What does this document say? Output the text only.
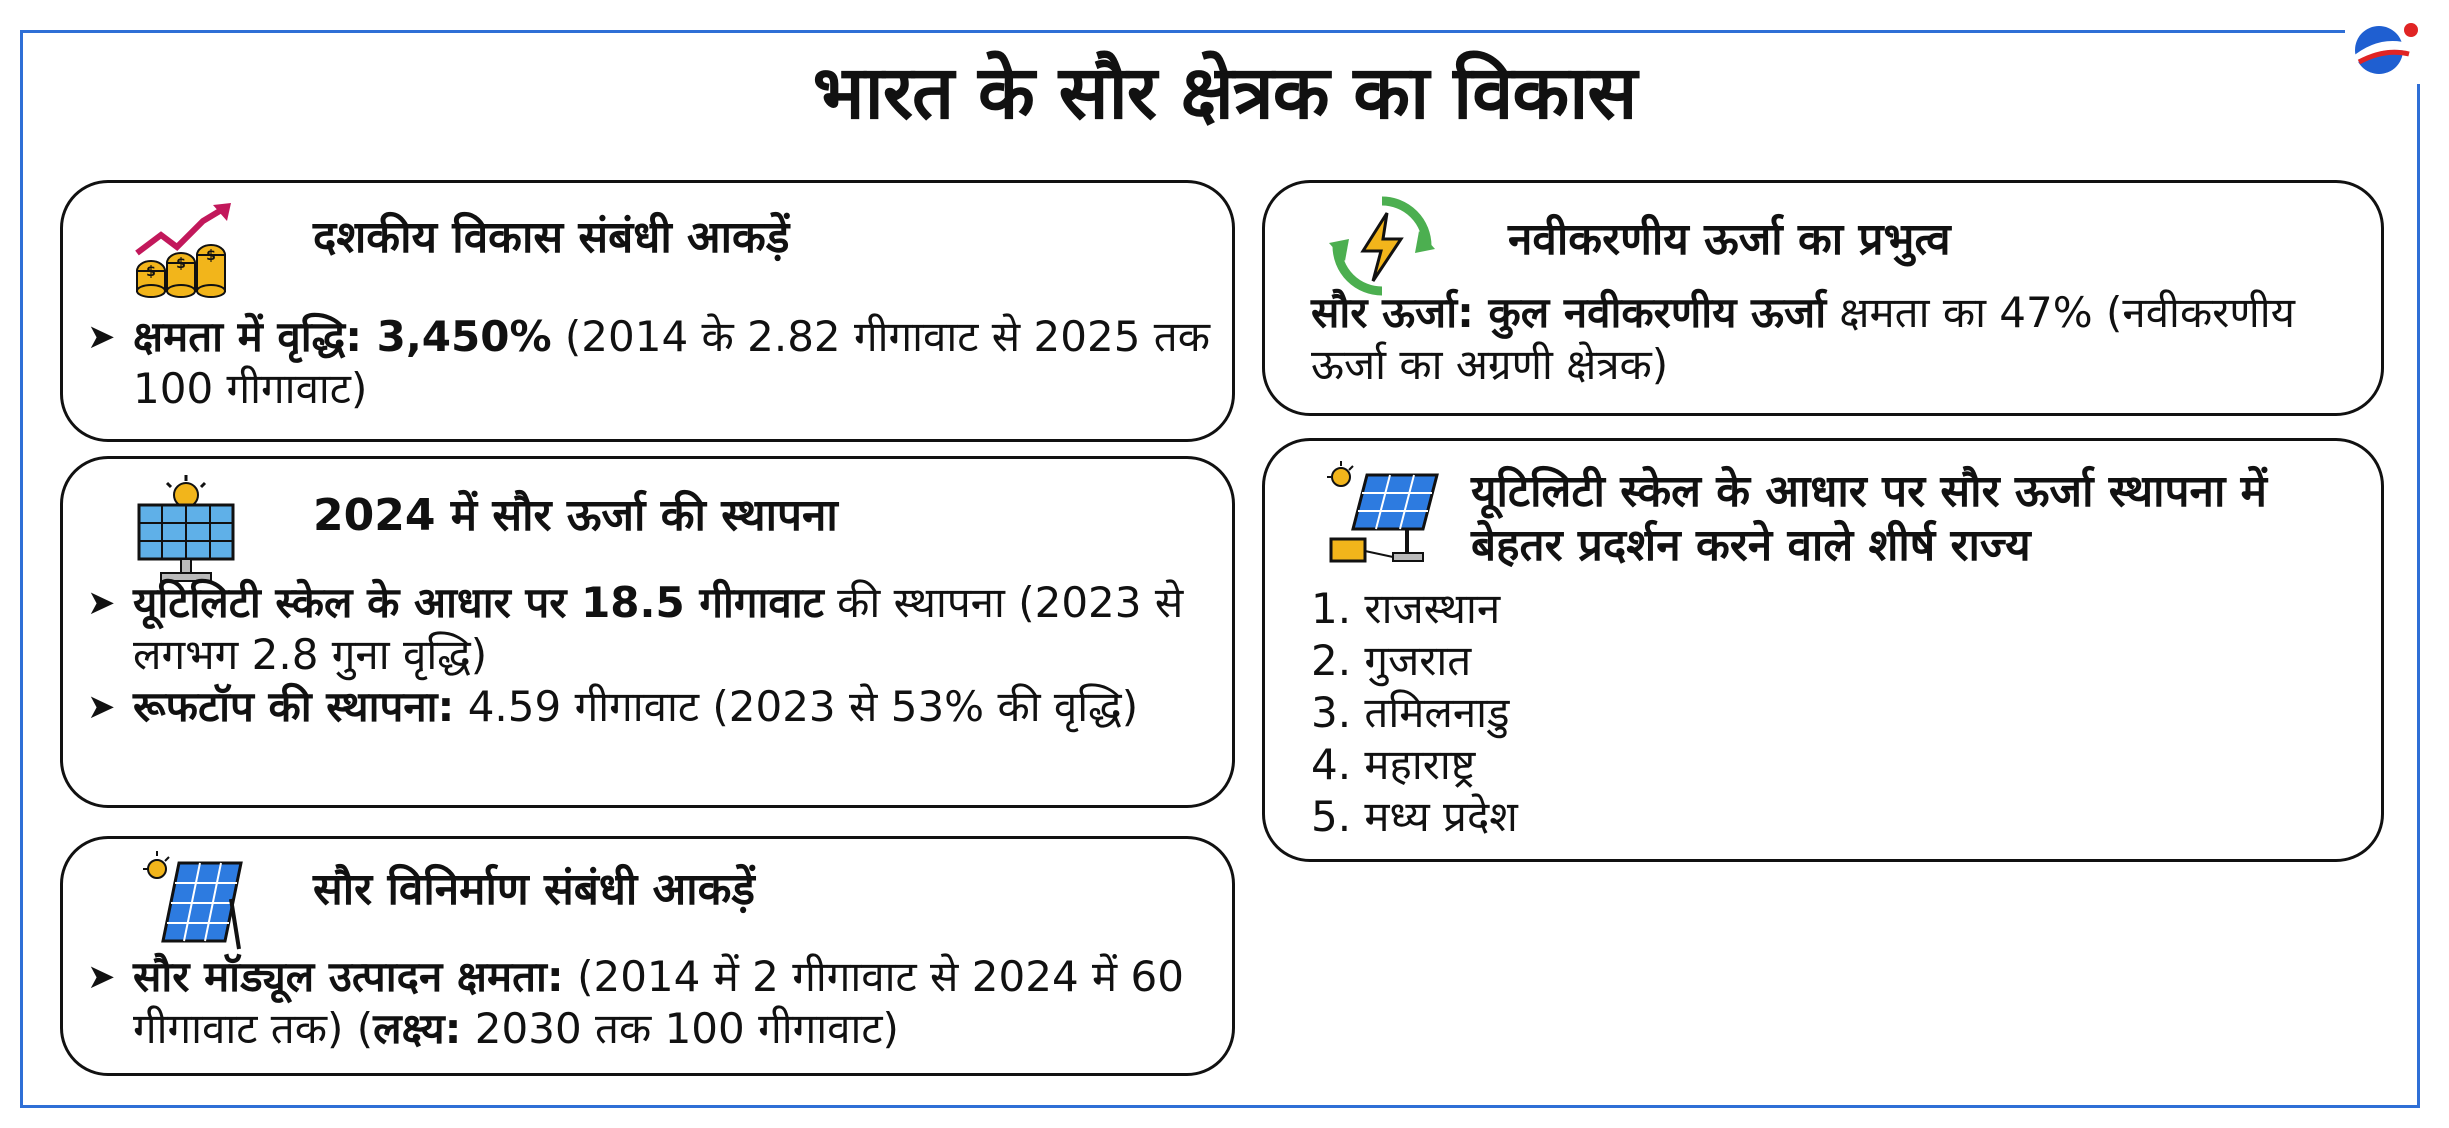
भारत के सौर क्षेत्रक का विकास
$ $ $ दशकीय विकास संबंधी आकड़ें
➤ क्षमता में वृद्धि: 3,450% (2014 के 2.82 गीगावाट से 2025 तक 100 गीगावाट)
2024 में सौर ऊर्जा की स्थापना
➤ यूटिलिटी स्केल के आधार पर 18.5 गीगावाट की स्थापना (2023 से लगभग 2.8 गुना वृद्धि)
➤ रूफटॉप की स्थापना: 4.59 गीगावाट (2023 से 53% की वृद्धि)
सौर विनिर्माण संबंधी आकड़ें
➤ सौर मॉड्यूल उत्पादन क्षमता: (2014 में 2 गीगावाट से 2024 में 60 गीगावाट तक) (लक्ष्य: 2030 तक 100 गीगावाट)
नवीकरणीय ऊर्जा का प्रभुत्व
सौर ऊर्जा: कुल नवीकरणीय ऊर्जा क्षमता का 47% (नवीकरणीय ऊर्जा का अग्रणी क्षेत्रक)
यूटिलिटी स्केल के आधार पर सौर ऊर्जा स्थापना में बेहतर प्रदर्शन करने वाले शीर्ष राज्य
1. राजस्थान
2. गुजरात
3. तमिलनाडु
4. महाराष्ट्र
5. मध्य प्रदेश
